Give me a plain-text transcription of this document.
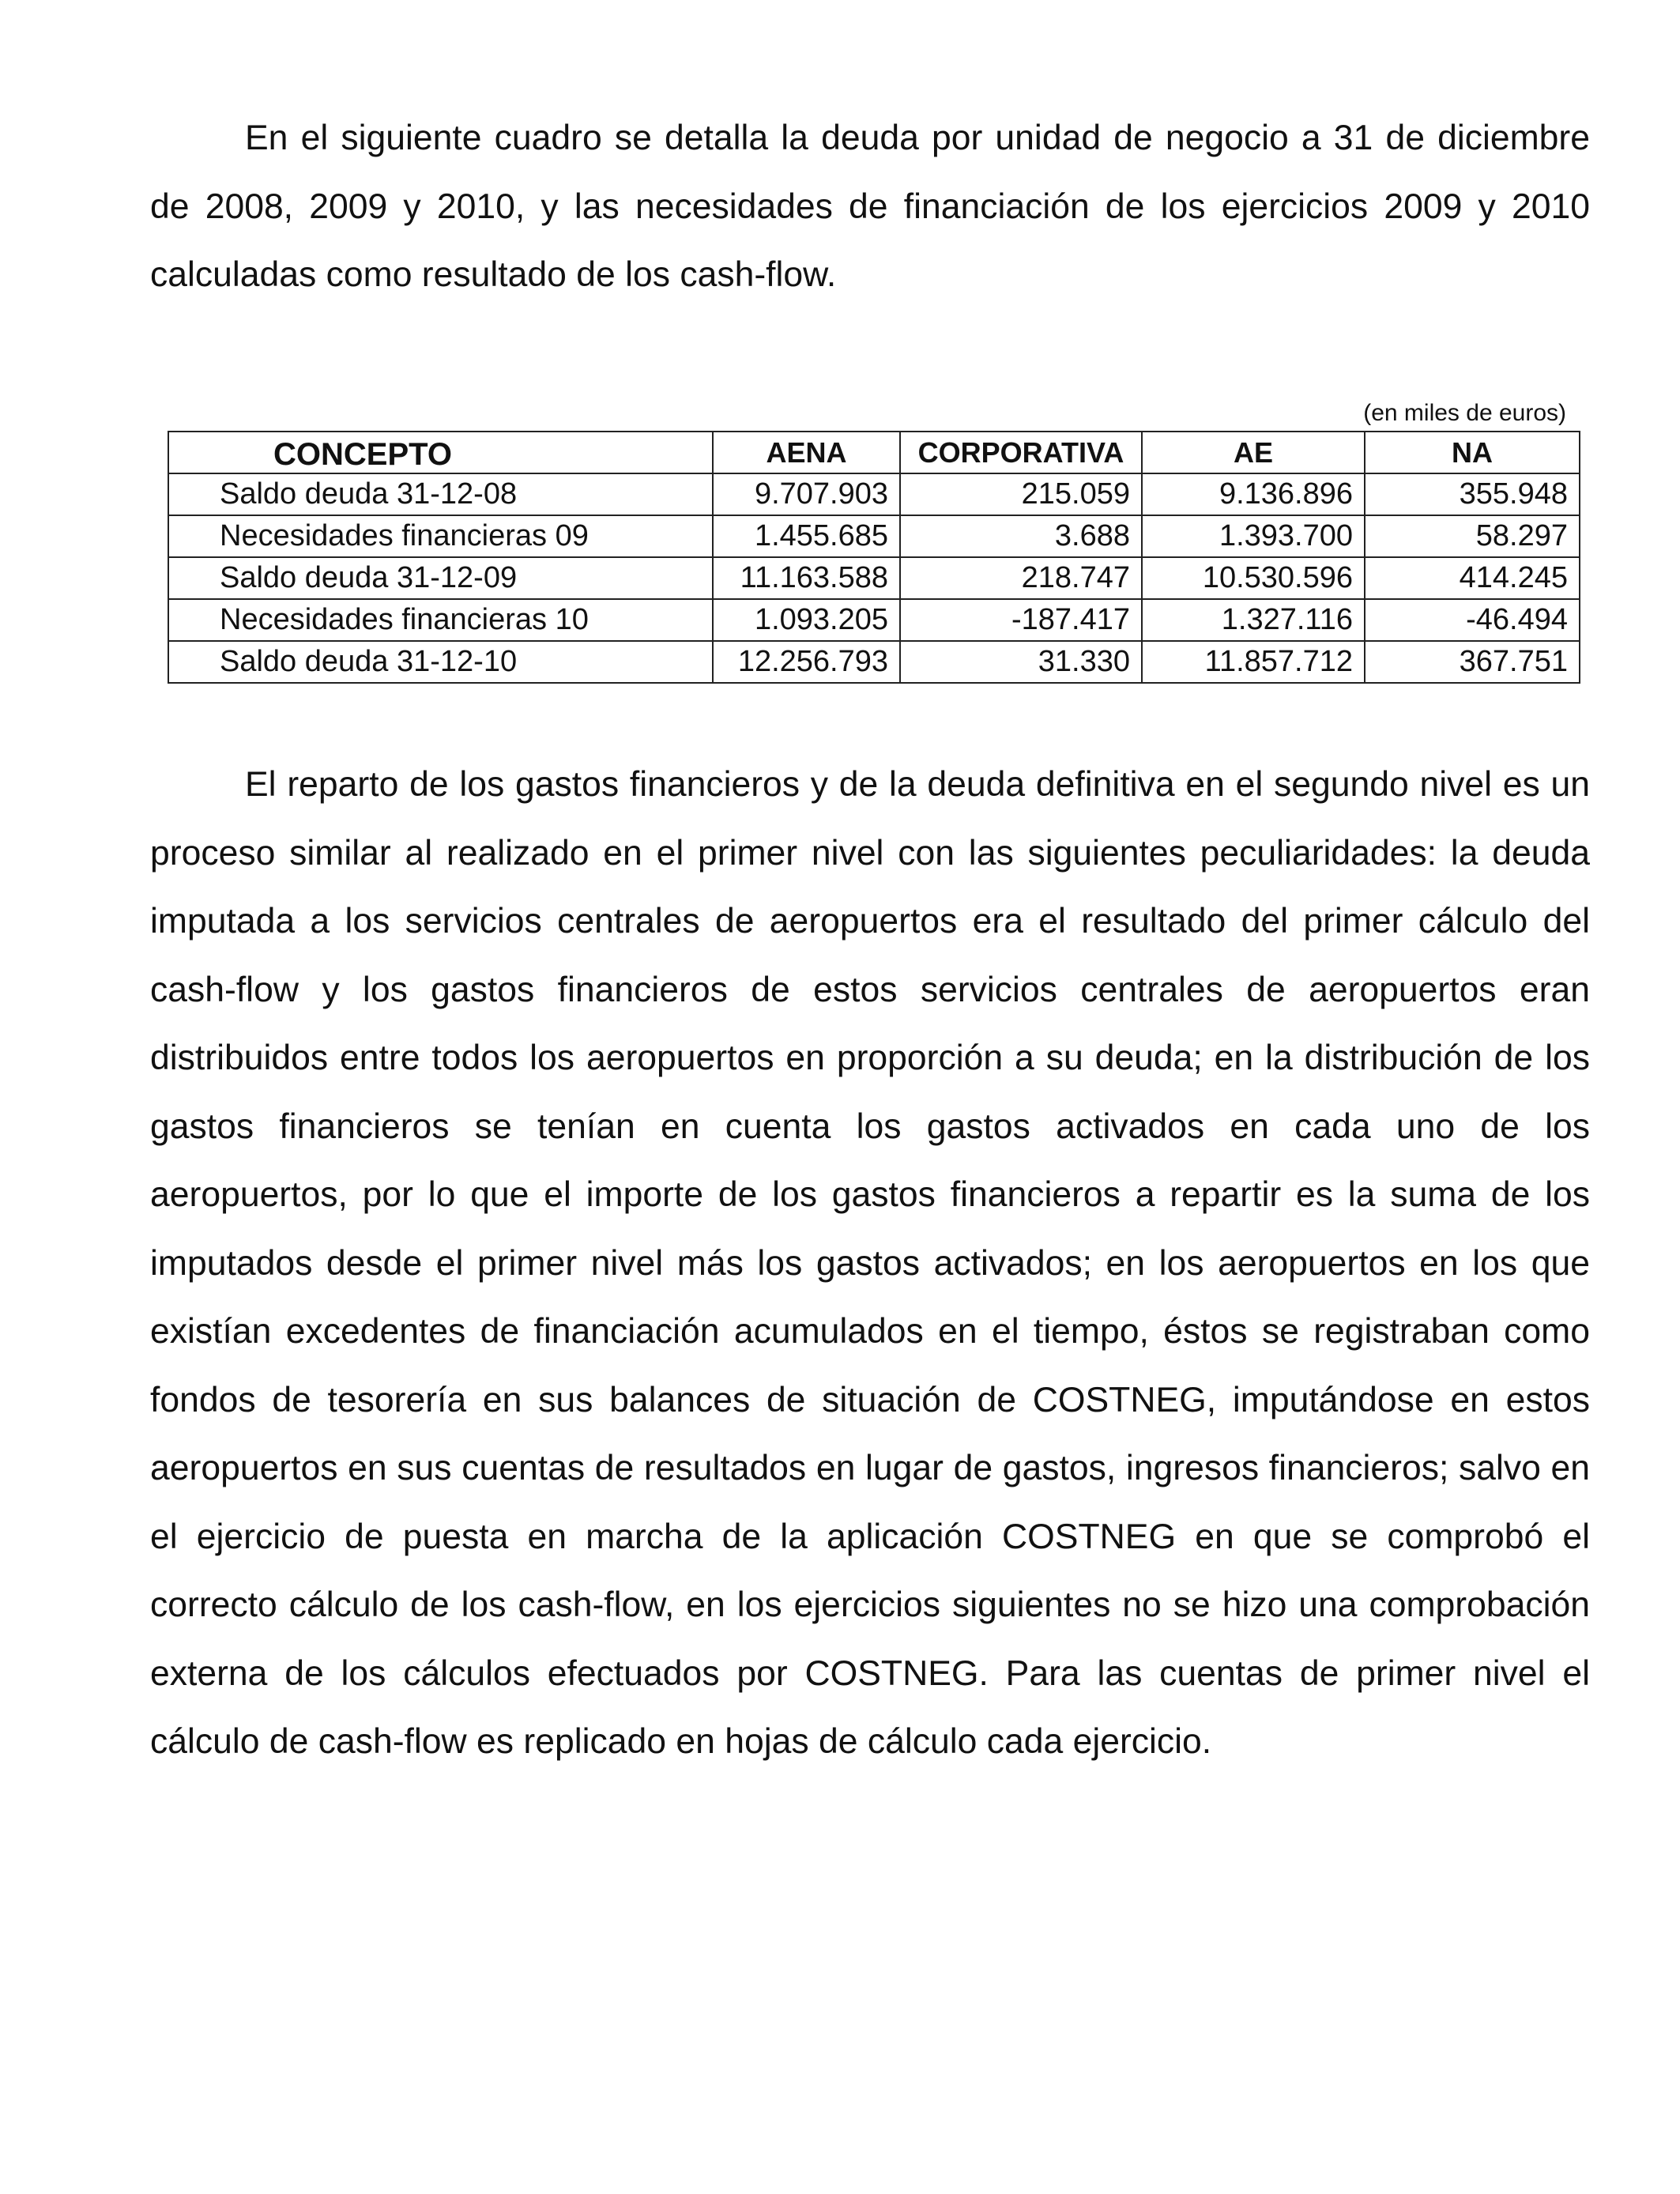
En el siguiente cuadro se detalla la deuda por unidad de negocio a 31 de diciembre de 2008, 2009 y 2010, y las necesidades de financiación de los ejercicios 2009 y 2010 calculadas como resultado de los cash-flow.

(en miles de euros)
CONCEPTO	AENA	CORPORATIVA	AE	NA
Saldo deuda 31-12-08	9.707.903	215.059	9.136.896	355.948
Necesidades financieras 09	1.455.685	3.688	1.393.700	58.297
Saldo deuda 31-12-09	11.163.588	218.747	10.530.596	414.245
Necesidades financieras 10	1.093.205	-187.417	1.327.116	-46.494
Saldo deuda 31-12-10	12.256.793	31.330	11.857.712	367.751

El reparto de los gastos financieros y de la deuda definitiva en el segundo nivel es un proceso similar al realizado en el primer nivel con las siguientes peculiaridades: la deuda imputada a los servicios centrales de aeropuertos era el resultado del primer cálculo del cash-flow y los gastos financieros de estos servicios centrales de aeropuertos eran distribuidos entre todos los aeropuertos en proporción a su deuda; en la distribución de los gastos financieros se tenían en cuenta los gastos activados en cada uno de los aeropuertos, por lo que el importe de los gastos financieros a repartir es la suma de los imputados desde el primer nivel más los gastos activados; en los aeropuertos en los que existían excedentes de financiación acumulados en el tiempo, éstos se registraban como fondos de tesorería en sus balances de situación de COSTNEG, imputándose en estos aeropuertos en sus cuentas de resultados en lugar de gastos, ingresos financieros; salvo en el ejercicio de puesta en marcha de la aplicación COSTNEG en que se comprobó el correcto cálculo de los cash-flow, en los ejercicios siguientes no se hizo una comprobación externa de los cálculos efectuados por COSTNEG. Para las cuentas de primer nivel el cálculo de cash-flow es replicado en hojas de cálculo cada ejercicio.
